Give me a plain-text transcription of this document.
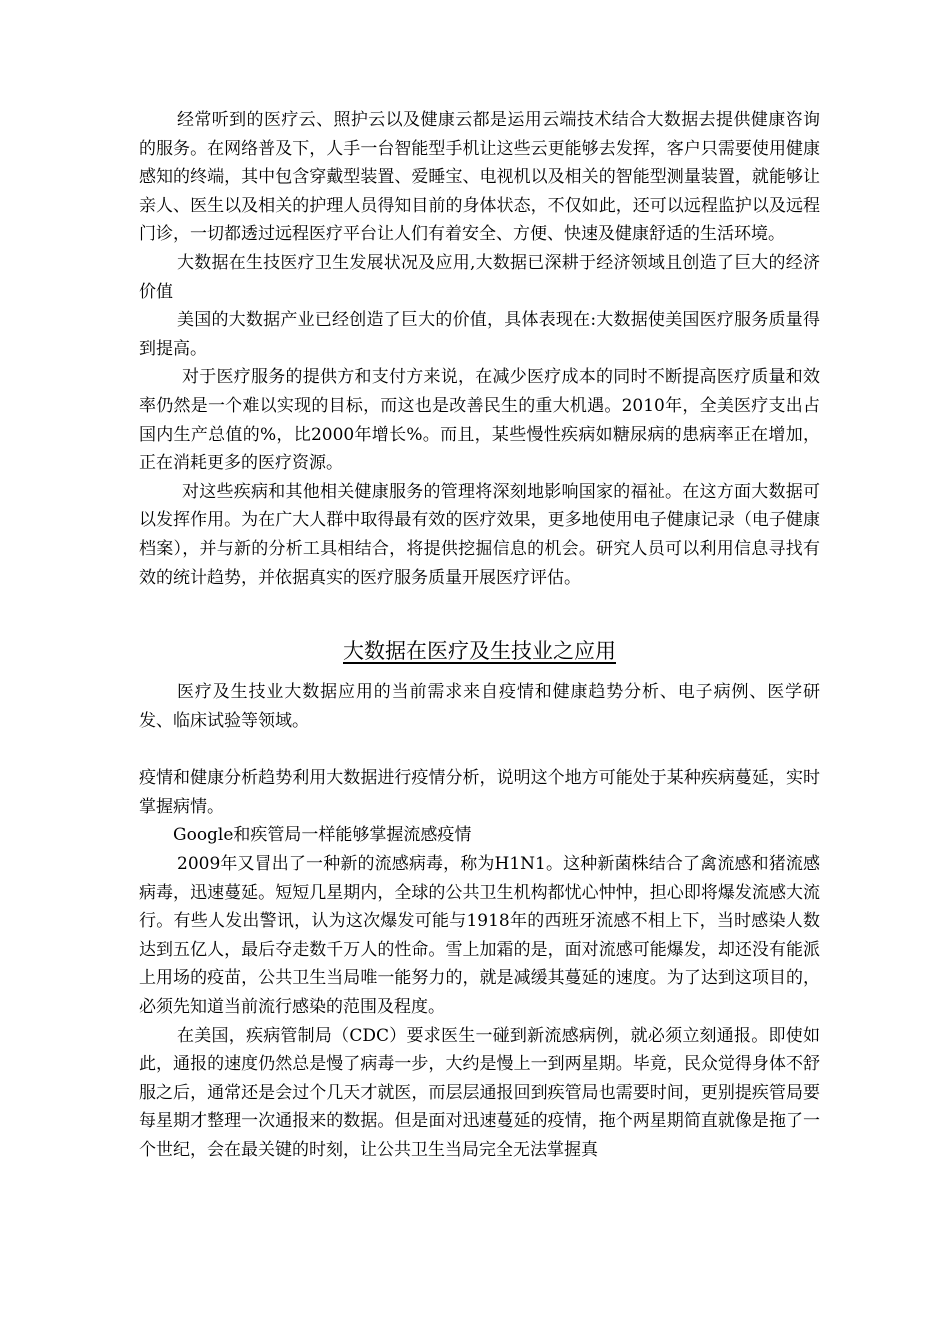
经常听到的医疗云、照护云以及健康云都是运用云端技术结合大数据去提供健康咨询的服务。在网络普及下，人手一台智能型手机让这些云更能够去发挥，客户只需要使用健康感知的终端，其中包含穿戴型装置、爱睡宝、电视机以及相关的智能型测量装置，就能够让亲人、医生以及相关的护理人员得知目前的身体状态，不仅如此，还可以远程监护以及远程门诊，一切都透过远程医疗平台让人们有着安全、方便、快速及健康舒适的生活环境。

大数据在生技医疗卫生发展状况及应用,大数据已深耕于经济领域且创造了巨大的经济价值

美国的大数据产业已经创造了巨大的价值，具体表现在:大数据使美国医疗服务质量得到提高。

对于医疗服务的提供方和支付方来说，在减少医疗成本的同时不断提高医疗质量和效率仍然是一个难以实现的目标，而这也是改善民生的重大机遇。2010年，全美医疗支出占国内生产总值的%，比2000年增长%。而且，某些慢性疾病如糖尿病的患病率正在增加，正在消耗更多的医疗资源。

对这些疾病和其他相关健康服务的管理将深刻地影响国家的福祉。在这方面大数据可以发挥作用。为在广大人群中取得最有效的医疗效果，更多地使用电子健康记录（电子健康档案），并与新的分析工具相结合，将提供挖掘信息的机会。研究人员可以利用信息寻找有效的统计趋势，并依据真实的医疗服务质量开展医疗评估。

大数据在医疗及生技业之应用

医疗及生技业大数据应用的当前需求来自疫情和健康趋势分析、电子病例、医学研发、临床试验等领域。

疫情和健康分析趋势利用大数据进行疫情分析，说明这个地方可能处于某种疾病蔓延，实时掌握病情。

Google和疾管局一样能够掌握流感疫情

2009年又冒出了一种新的流感病毒，称为H1N1。这种新菌株结合了禽流感和猪流感病毒，迅速蔓延。短短几星期内，全球的公共卫生机构都忧心忡忡，担心即将爆发流感大流行。有些人发出警讯，认为这次爆发可能与1918年的西班牙流感不相上下，当时感染人数达到五亿人，最后夺走数千万人的性命。雪上加霜的是，面对流感可能爆发，却还没有能派上用场的疫苗，公共卫生当局唯一能努力的，就是减缓其蔓延的速度。为了达到这项目的，必须先知道当前流行感染的范围及程度。

在美国，疾病管制局（CDC）要求医生一碰到新流感病例，就必须立刻通报。即使如此，通报的速度仍然总是慢了病毒一步，大约是慢上一到两星期。毕竟，民众觉得身体不舒服之后，通常还是会过个几天才就医，而层层通报回到疾管局也需要时间，更别提疾管局要每星期才整理一次通报来的数据。但是面对迅速蔓延的疫情，拖个两星期简直就像是拖了一个世纪，会在最关键的时刻，让公共卫生当局完全无法掌握真
